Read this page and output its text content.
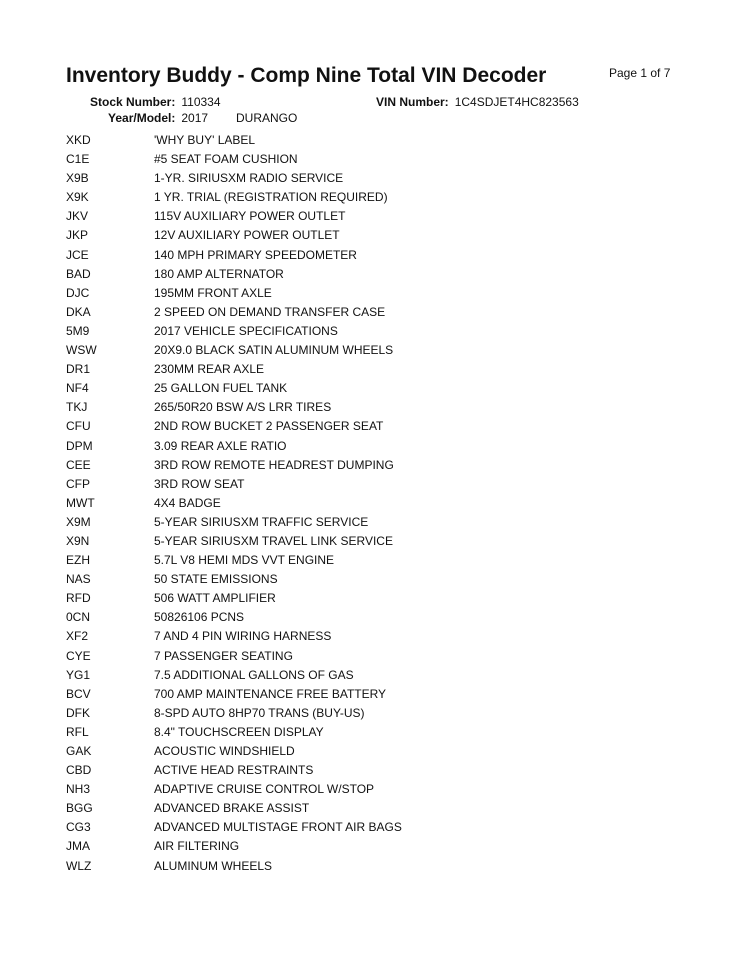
Inventory Buddy - Comp Nine Total VIN Decoder	Page 1 of 7
Stock Number: 110334	VIN Number: 1C4SDJET4HC823563
Year/Model: 2017 DURANGO
XKD	'WHY BUY' LABEL
C1E	#5 SEAT FOAM CUSHION
X9B	1-YR. SIRIUSXM RADIO SERVICE
X9K	1 YR. TRIAL (REGISTRATION REQUIRED)
JKV	115V AUXILIARY POWER OUTLET
JKP	12V AUXILIARY POWER OUTLET
JCE	140 MPH PRIMARY SPEEDOMETER
BAD	180 AMP ALTERNATOR
DJC	195MM FRONT AXLE
DKA	2 SPEED ON DEMAND TRANSFER CASE
5M9	2017 VEHICLE SPECIFICATIONS
WSW	20X9.0 BLACK SATIN ALUMINUM WHEELS
DR1	230MM REAR AXLE
NF4	25 GALLON FUEL TANK
TKJ	265/50R20 BSW A/S LRR TIRES
CFU	2ND ROW BUCKET 2 PASSENGER SEAT
DPM	3.09 REAR AXLE RATIO
CEE	3RD ROW REMOTE HEADREST DUMPING
CFP	3RD ROW SEAT
MWT	4X4 BADGE
X9M	5-YEAR SIRIUSXM TRAFFIC SERVICE
X9N	5-YEAR SIRIUSXM TRAVEL LINK SERVICE
EZH	5.7L V8 HEMI MDS VVT ENGINE
NAS	50 STATE EMISSIONS
RFD	506 WATT AMPLIFIER
0CN	50826106 PCNS
XF2	7 AND 4 PIN WIRING HARNESS
CYE	7 PASSENGER SEATING
YG1	7.5 ADDITIONAL GALLONS OF GAS
BCV	700 AMP MAINTENANCE FREE BATTERY
DFK	8-SPD AUTO 8HP70 TRANS (BUY-US)
RFL	8.4" TOUCHSCREEN DISPLAY
GAK	ACOUSTIC WINDSHIELD
CBD	ACTIVE HEAD RESTRAINTS
NH3	ADAPTIVE CRUISE CONTROL W/STOP
BGG	ADVANCED BRAKE ASSIST
CG3	ADVANCED MULTISTAGE FRONT AIR BAGS
JMA	AIR FILTERING
WLZ	ALUMINUM WHEELS
